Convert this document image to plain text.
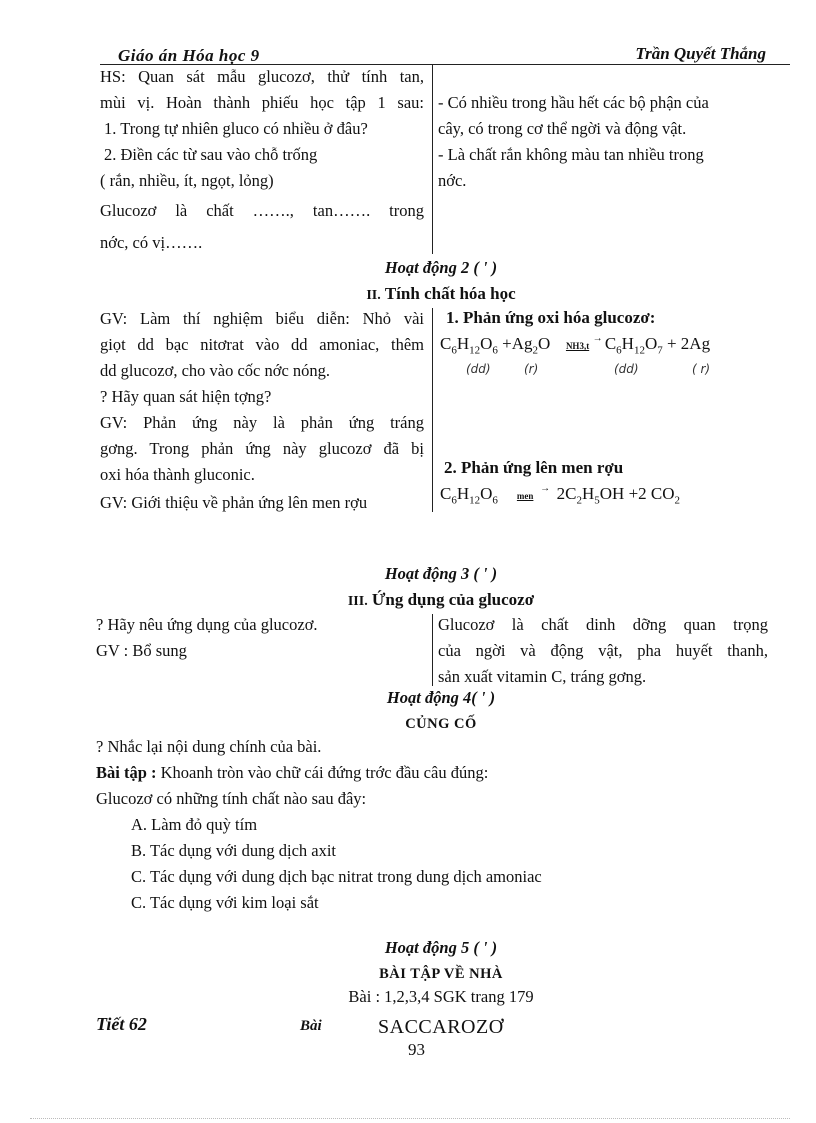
Giáo án Hóa học 9	Trần Quyết Thắng

HS: Quan sát mẫu glucozơ, thử tính tan,

mùi vị. Hoàn thành phiếu học tập 1 sau:

1. Trong tự nhiên gluco có nhiều ở đâu?

2. Điền các từ sau vào chỗ trống

( rắn, nhiều, ít, ngọt, lỏng)

Glucozơ là chất ……., tan……. trong

nớc, có vị…….

- Có nhiều trong hầu hết các bộ phận của

cây, có trong cơ thể ngời và động vật.

- Là chất rắn không màu tan nhiều trong

nớc.

Hoạt động 2 ( ' )
II. Tính chất hóa học

GV: Làm thí nghiệm biểu diễn: Nhỏ vài

giọt dd bạc nitơrat vào dd amoniac, thêm

dd glucozơ, cho vào cốc nớc nóng.

? Hãy quan sát hiện tợng?

GV: Phản ứng này là phản ứng tráng

gơng. Trong phản ứng này glucozơ đã bị

oxi hóa thành gluconic.

GV: Giới thiệu về phản ứng lên men rợu

1. Phản ứng oxi hóa glucozơ:
$C_6H_{12}O_6 +Ag_2O$ NH3,t
→
$C_6H_{12}O_7 + 2Ag$
(dd)	(r)	(dd)	( r)
2. Phản ứng lên men rợu
$C_6H_{12}O_6$ men
→
$2C_2H_5OH +2$ $CO_2$
Hoạt động 3 ( ' )
III. Ứng dụng của glucozơ

? Hãy nêu ứng dụng của glucozơ.

GV : Bổ sung

Glucozơ là chất dinh dỡng quan trọng

của ngời và động vật, pha huyết thanh,

sản xuất vitamin C, tráng gơng.

Hoạt động 4( ' )
CỦNG CỐ

? Nhắc lại nội dung chính của bài.

Bài tập : Khoanh tròn vào chữ cái đứng trớc đầu câu đúng:

Glucozơ có những tính chất nào sau đây:

A. Làm đỏ quỳ tím

B. Tác dụng với dung dịch axit

C. Tác dụng với dung dịch bạc nitrat trong dung dịch amoniac

C. Tác dụng với kim loại sắt

Hoạt động 5 ( ' )
BÀI TẬP VỀ NHÀ
Bài : 1,2,3,4 SGK trang 179
Tiết 62	Bài	SACCAROZƠ
93
